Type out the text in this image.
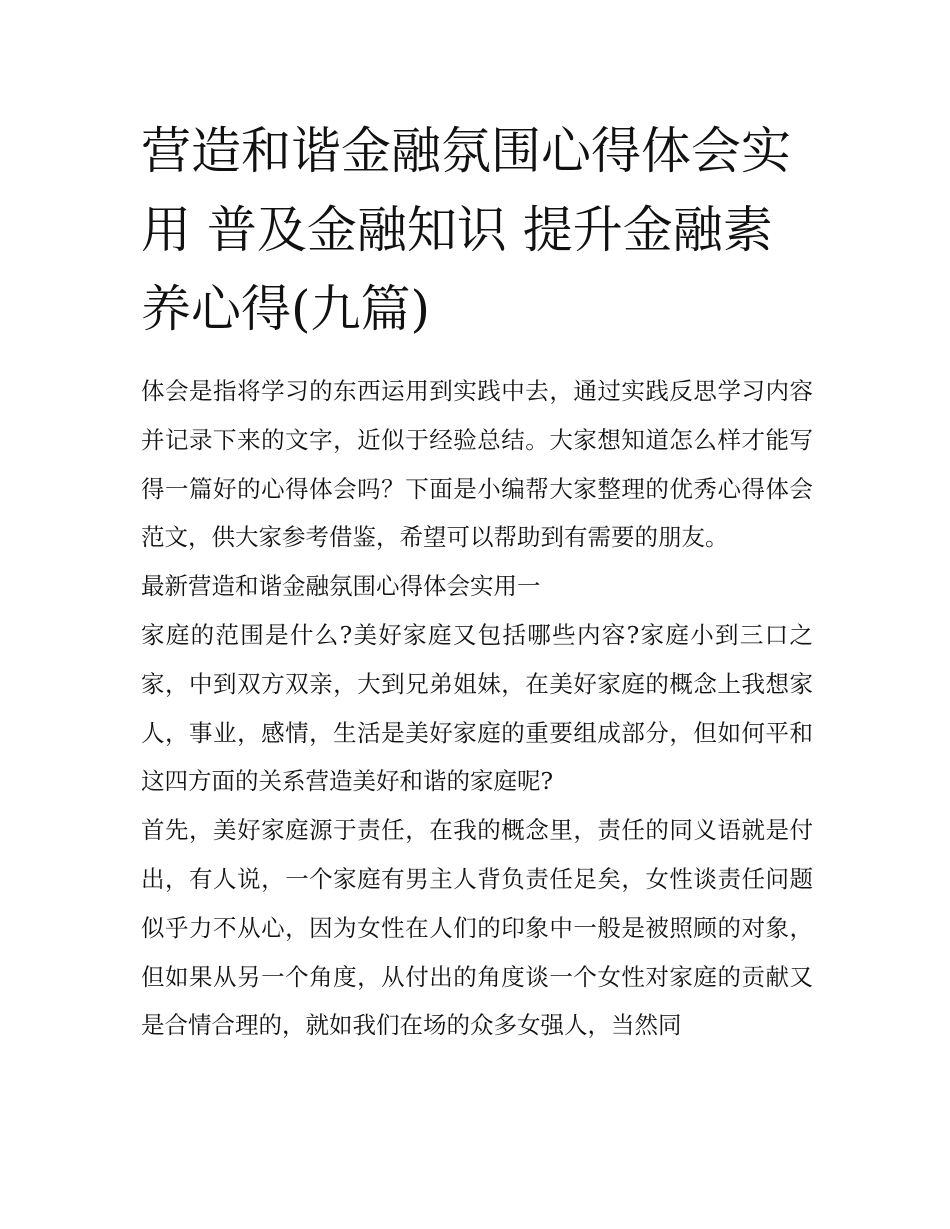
营造和谐金融氛围心得体会实
用 普及金融知识 提升金融素
养心得(九篇)

体会是指将学习的东西运用到实践中去，通过实践反思学习内容并记录下来的文字，近似于经验总结。大家想知道怎么样才能写得一篇好的心得体会吗？下面是小编帮大家整理的优秀心得体会范文，供大家参考借鉴，希望可以帮助到有需要的朋友。

最新营造和谐金融氛围心得体会实用一

家庭的范围是什么?美好家庭又包括哪些内容?家庭小到三口之家，中到双方双亲，大到兄弟姐妹，在美好家庭的概念上我想家人，事业，感情，生活是美好家庭的重要组成部分，但如何平和这四方面的关系营造美好和谐的家庭呢?

首先，美好家庭源于责任，在我的概念里，责任的同义语就是付出，有人说，一个家庭有男主人背负责任足矣，女性谈责任问题似乎力不从心，因为女性在人们的印象中一般是被照顾的对象，但如果从另一个角度，从付出的角度谈一个女性对家庭的贡献又是合情合理的，就如我们在场的众多女强人，当然同
